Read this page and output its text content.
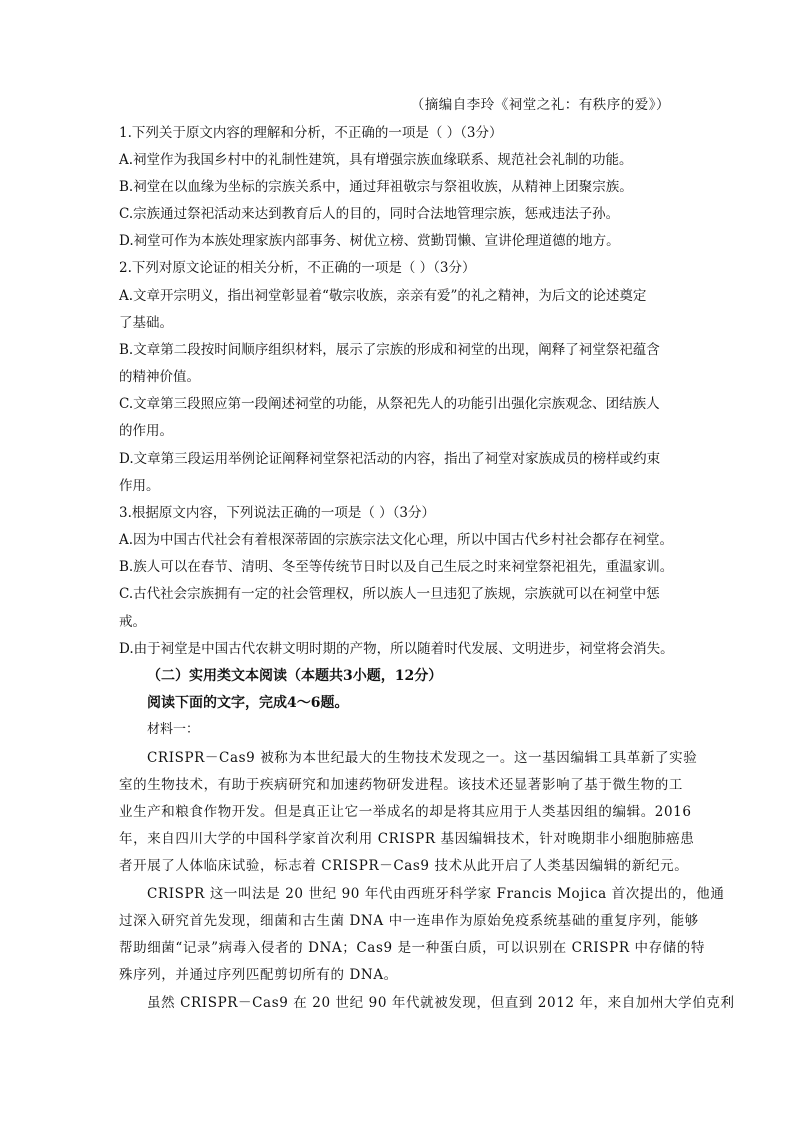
（摘编自李玲《祠堂之礼：有秩序的爱》）
1.下列关于原文内容的理解和分析，不正确的一项是（ ）（3分）
A.祠堂作为我国乡村中的礼制性建筑，具有增强宗族血缘联系、规范社会礼制的功能。
B.祠堂在以血缘为坐标的宗族关系中，通过拜祖敬宗与祭祖收族，从精神上团聚宗族。
C.宗族通过祭祀活动来达到教育后人的目的，同时合法地管理宗族，惩戒违法子孙。
D.祠堂可作为本族处理家族内部事务、树优立榜、赏勤罚懒、宣讲伦理道德的地方。
2.下列对原文论证的相关分析，不正确的一项是（ ）（3分）
A.文章开宗明义，指出祠堂彰显着“敬宗收族，亲亲有爱”的礼之精神，为后文的论述奠定
了基础。
B.文章第二段按时间顺序组织材料，展示了宗族的形成和祠堂的出现，阐释了祠堂祭祀蕴含
的精神价值。
C.文章第三段照应第一段阐述祠堂的功能，从祭祀先人的功能引出强化宗族观念、团结族人
的作用。
D.文章第三段运用举例论证阐释祠堂祭祀活动的内容，指出了祠堂对家族成员的榜样或约束
作用。
3.根据原文内容，下列说法正确的一项是（ ）（3分）
A.因为中国古代社会有着根深蒂固的宗族宗法文化心理，所以中国古代乡村社会都存在祠堂。
B.族人可以在春节、清明、冬至等传统节日时以及自己生辰之时来祠堂祭祀祖先，重温家训。
C.古代社会宗族拥有一定的社会管理权，所以族人一旦违犯了族规，宗族就可以在祠堂中惩
戒。
D.由于祠堂是中国古代农耕文明时期的产物，所以随着时代发展、文明进步，祠堂将会消失。
（二）实用类文本阅读（本题共3小题，12分）
阅读下面的文字，完成4～6题。
材料一：
CRISPR－Cas9 被称为本世纪最大的生物技术发现之一。这一基因编辑工具革新了实验
室的生物技术，有助于疾病研究和加速药物研发进程。该技术还显著影响了基于微生物的工
业生产和粮食作物开发。但是真正让它一举成名的却是将其应用于人类基因组的编辑。2016
年，来自四川大学的中国科学家首次利用 CRISPR 基因编辑技术，针对晚期非小细胞肺癌患
者开展了人体临床试验，标志着 CRISPR－Cas9 技术从此开启了人类基因编辑的新纪元。
CRISPR 这一叫法是 20 世纪 90 年代由西班牙科学家 Francis Mojica 首次提出的，他通
过深入研究首先发现，细菌和古生菌 DNA 中一连串作为原始免疫系统基础的重复序列，能够
帮助细菌“记录”病毒入侵者的 DNA；Cas9 是一种蛋白质，可以识别在 CRISPR 中存储的特
殊序列，并通过序列匹配剪切所有的 DNA。
虽然 CRISPR－Cas9 在 20 世纪 90 年代就被发现，但直到 2012 年，来自加州大学伯克利
